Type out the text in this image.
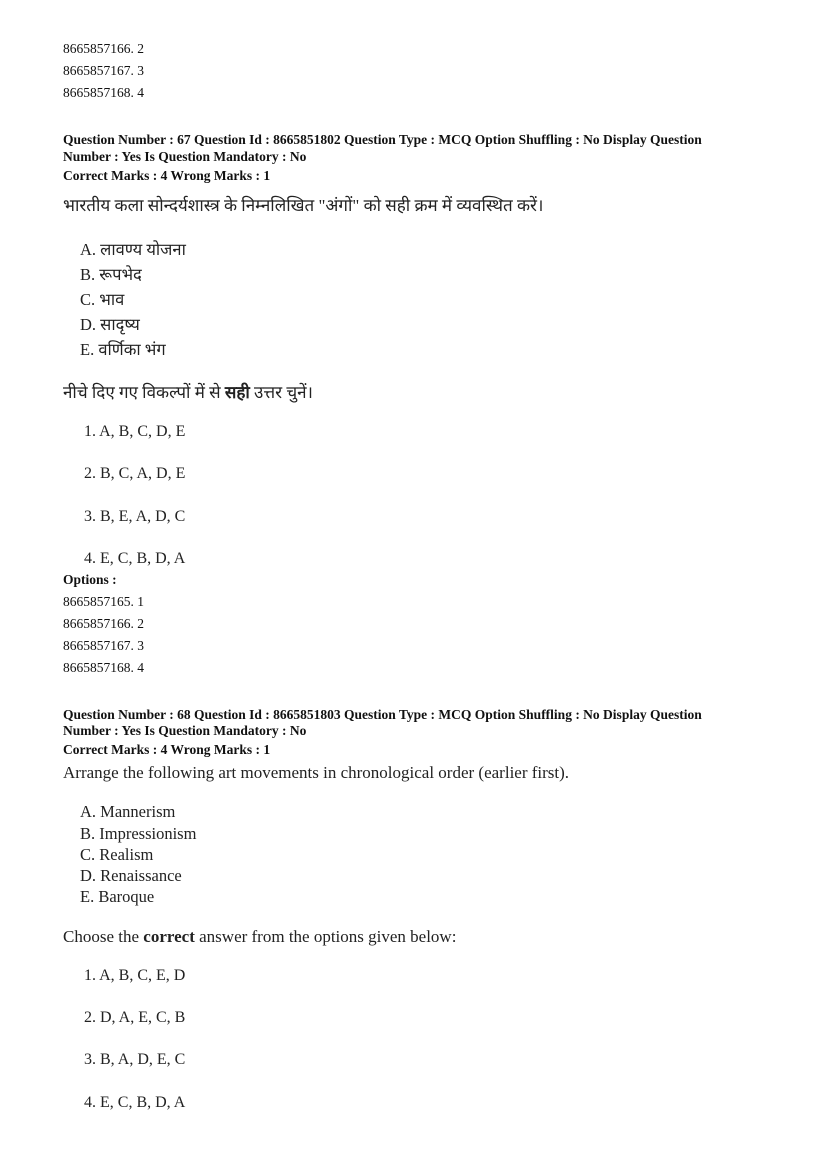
8665857166. 2
8665857167. 3
8665857168. 4
Question Number : 67 Question Id : 8665851802 Question Type : MCQ Option Shuffling : No Display Question
Number : Yes Is Question Mandatory : No
Correct Marks : 4 Wrong Marks : 1
भारतीय कला सोन्दर्यशास्त्र के निम्नलिखित "अंगों" को सही क्रम में व्यवस्थित करें।
A. लावण्य योजना
B. रूपभेद
C. भाव
D. सादृष्य
E. वर्णिका भंग
नीचे दिए गए विकल्पों में से सही उत्तर चुनें।
1. A, B, C, D, E
2. B, C, A, D, E
3. B, E, A, D, C
4. E, C, B, D, A
Options :
8665857165. 1
8665857166. 2
8665857167. 3
8665857168. 4
Question Number : 68 Question Id : 8665851803 Question Type : MCQ Option Shuffling : No Display Question
Number : Yes Is Question Mandatory : No
Correct Marks : 4 Wrong Marks : 1
Arrange the following art movements in chronological order (earlier first).
A. Mannerism
B. Impressionism
C. Realism
D. Renaissance
E. Baroque
Choose the correct answer from the options given below:
1. A, B, C, E, D
2. D, A, E, C, B
3. B, A, D, E, C
4. E, C, B, D, A
